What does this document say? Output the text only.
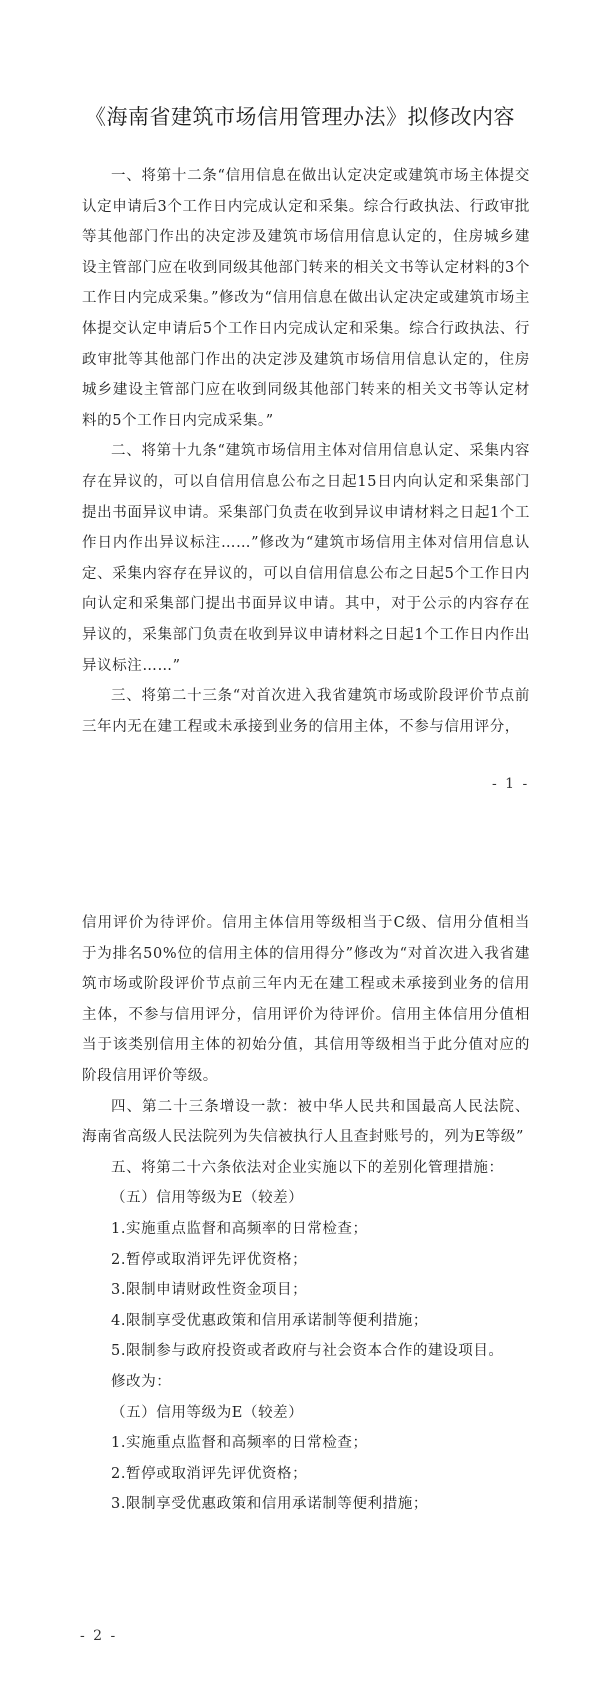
《海南省建筑市场信用管理办法》拟修改内容

一、将第十二条“信用信息在做出认定决定或建筑市场主体提交认定申请后3个工作日内完成认定和采集。综合行政执法、行政审批等其他部门作出的决定涉及建筑市场信用信息认定的，住房城乡建设主管部门应在收到同级其他部门转来的相关文书等认定材料的3个工作日内完成采集。”修改为“信用信息在做出认定决定或建筑市场主体提交认定申请后5个工作日内完成认定和采集。综合行政执法、行政审批等其他部门作出的决定涉及建筑市场信用信息认定的，住房城乡建设主管部门应在收到同级其他部门转来的相关文书等认定材料的5个工作日内完成采集。”

二、将第十九条“建筑市场信用主体对信用信息认定、采集内容存在异议的，可以自信用信息公布之日起15日内向认定和采集部门提出书面异议申请。采集部门负责在收到异议申请材料之日起1个工作日内作出异议标注……”修改为“建筑市场信用主体对信用信息认定、采集内容存在异议的，可以自信用信息公布之日起5个工作日内向认定和采集部门提出书面异议申请。其中，对于公示的内容存在异议的，采集部门负责在收到异议申请材料之日起1个工作日内作出异议标注……”

三、将第二十三条“对首次进入我省建筑市场或阶段评价节点前三年内无在建工程或未承接到业务的信用主体，不参与信用评分，

- 1 -

信用评价为待评价。信用主体信用等级相当于C级、信用分值相当于为排名50%位的信用主体的信用得分”修改为“对首次进入我省建筑市场或阶段评价节点前三年内无在建工程或未承接到业务的信用主体，不参与信用评分，信用评价为待评价。信用主体信用分值相当于该类别信用主体的初始分值，其信用等级相当于此分值对应的阶段信用评价等级。

四、第二十三条增设一款：被中华人民共和国最高人民法院、海南省高级人民法院列为失信被执行人且查封账号的，列为E等级”

五、将第二十六条依法对企业实施以下的差别化管理措施：

（五）信用等级为E（较差）

1.实施重点监督和高频率的日常检查；

2.暂停或取消评先评优资格；

3.限制申请财政性资金项目；

4.限制享受优惠政策和信用承诺制等便利措施；

5.限制参与政府投资或者政府与社会资本合作的建设项目。

修改为：

（五）信用等级为E（较差）

1.实施重点监督和高频率的日常检查；

2.暂停或取消评先评优资格；

3.限制享受优惠政策和信用承诺制等便利措施；

- 2 -
